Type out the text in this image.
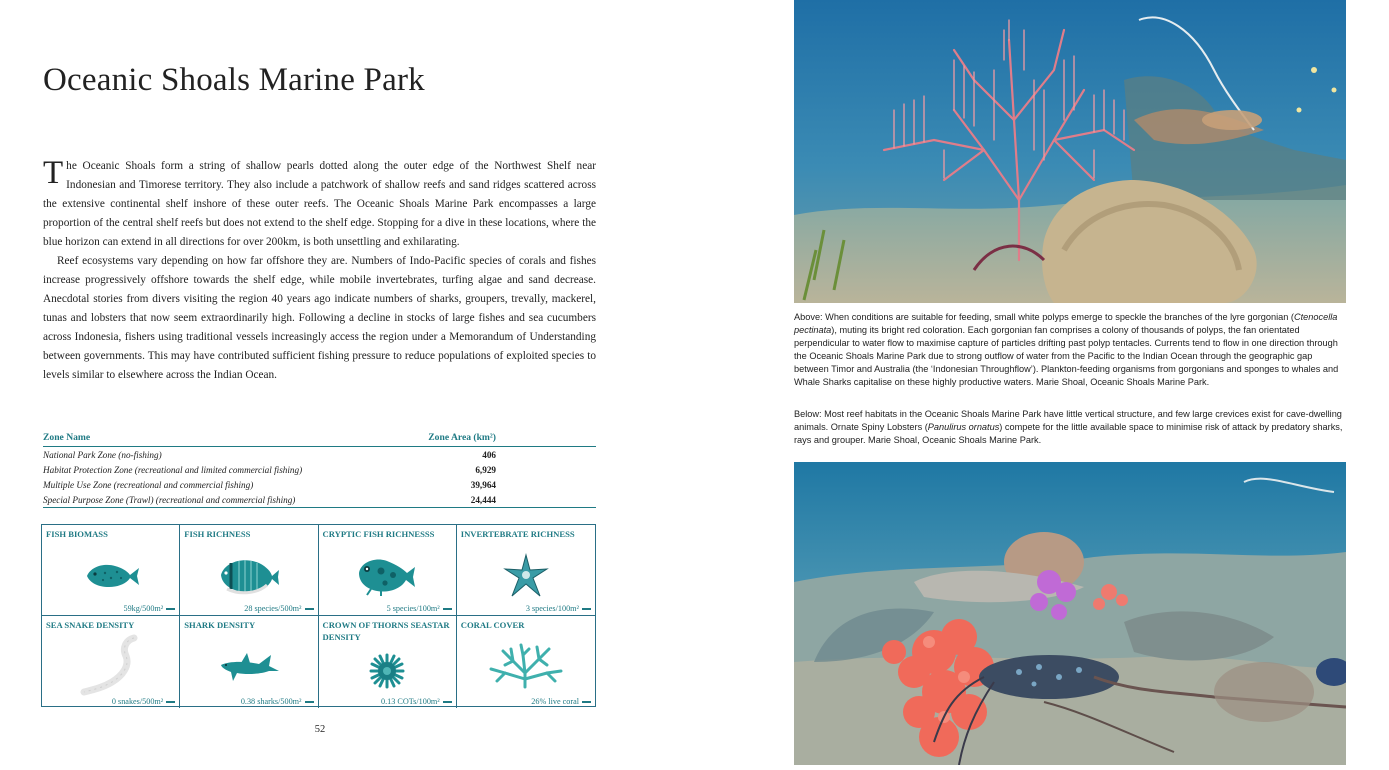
Oceanic Shoals Marine Park

The Oceanic Shoals form a string of shallow pearls dotted along the outer edge of the Northwest Shelf near Indonesian and Timorese territory. They also include a patchwork of shallow reefs and sand ridges scattered across the extensive continental shelf inshore of these outer reefs. The Oceanic Shoals Marine Park encompasses a large proportion of the central shelf reefs but does not extend to the shelf edge. Stopping for a dive in these locations, where the blue horizon can extend in all directions for over 200km, is both unsettling and exhilarating.

Reef ecosystems vary depending on how far offshore they are. Numbers of Indo-Pacific species of corals and fishes increase progressively offshore towards the shelf edge, while mobile invertebrates, turfing algae and sand decrease. Anecdotal stories from divers visiting the region 40 years ago indicate numbers of sharks, groupers, trevally, mackerel, tunas and lobsters that now seem extraordinarily high. Following a decline in stocks of large fishes and sea cucumbers across Indonesia, fishers using traditional vessels increasingly access the region under a Memorandum of Understanding between governments. This may have contributed sufficient fishing pressure to reduce populations of exploited species to levels similar to elsewhere across the Indian Ocean.

Zone Name	Zone Area (km²)
National Park Zone (no-fishing)	406
Habitat Protection Zone (recreational and limited commercial fishing)	6,929
Multiple Use Zone (recreational and commercial fishing)	39,964
Special Purpose Zone (Trawl) (recreational and commercial fishing)	24,444
FISH BIOMASS
59kg/500m²
FISH RICHNESS
28 species/500m²
CRYPTIC FISH RICHNESSS
5 species/100m²
INVERTEBRATE RICHNESS
3 species/100m²
SEA SNAKE DENSITY
0 snakes/500m²
SHARK DENSITY
0.38 sharks/500m²
CROWN OF THORNS SEASTAR DENSITY
0.13 COTs/100m²
CORAL COVER
26% live coral
52

Above: When conditions are suitable for feeding, small white polyps emerge to speckle the branches of the lyre gorgonian (Ctenocella pectinata), muting its bright red coloration. Each gorgonian fan comprises a colony of thousands of polyps, the fan orientated perpendicular to water flow to maximise capture of particles drifting past polyp tentacles. Currents tend to flow in one direction through the Oceanic Shoals Marine Park due to strong outflow of water from the Pacific to the Indian Ocean through the geographic gap between Timor and Australia (the ‘Indonesian Throughflow’). Plankton-feeding organisms from gorgonians and sponges to whales and Whale Sharks capitalise on these highly productive waters. Marie Shoal, Oceanic Shoals Marine Park.

Below: Most reef habitats in the Oceanic Shoals Marine Park have little vertical structure, and few large crevices exist for cave-dwelling animals. Ornate Spiny Lobsters (Panulirus ornatus) compete for the little available space to minimise risk of attack by predatory sharks, rays and grouper. Marie Shoal, Oceanic Shoals Marine Park.
